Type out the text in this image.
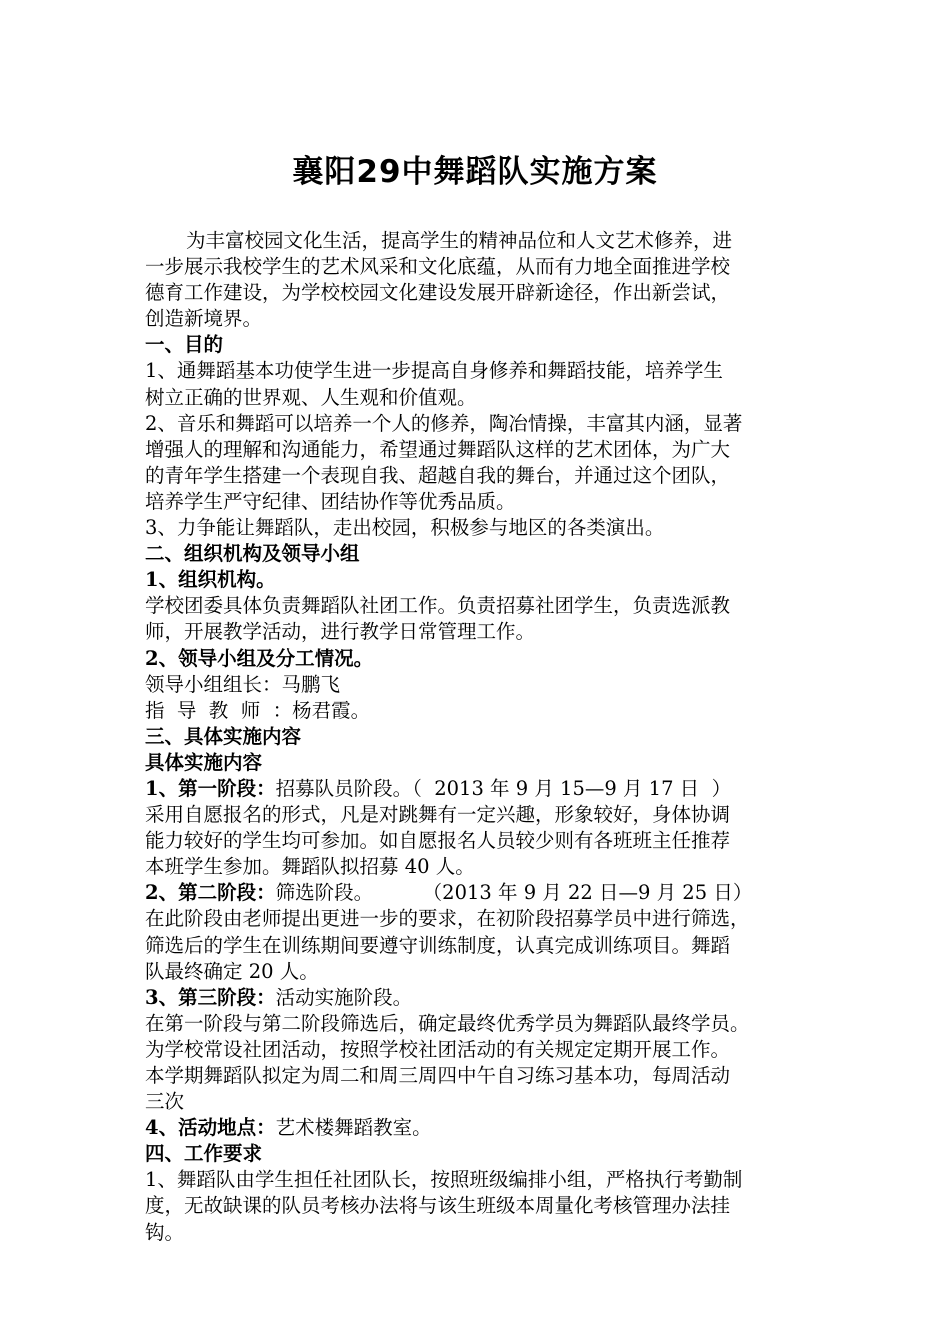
襄阳29中舞蹈队实施方案

为丰富校园文化生活，提高学生的精神品位和人文艺术修养，进

一步展示我校学生的艺术风采和文化底蕴，从而有力地全面推进学校

德育工作建设，为学校校园文化建设发展开辟新途径，作出新尝试，

创造新境界。

一、目的

1、通舞蹈基本功使学生进一步提高自身修养和舞蹈技能，培养学生

树立正确的世界观、人生观和价值观。

2、音乐和舞蹈可以培养一个人的修养，陶冶情操，丰富其内涵，显著

增强人的理解和沟通能力，希望通过舞蹈队这样的艺术团体，为广大

的青年学生搭建一个表现自我、超越自我的舞台，并通过这个团队，

培养学生严守纪律、团结协作等优秀品质。

3、力争能让舞蹈队，走出校园，积极参与地区的各类演出。

二、组织机构及领导小组

1、组织机构。

学校团委具体负责舞蹈队社团工作。负责招募社团学生，负责选派教

师，开展教学活动，进行教学日常管理工作。

2、领导小组及分工情况。

领导小组组长：马鹏飞

指  导  教  师  ：杨君霞。

三、具体实施内容

具体实施内容

1、第一阶段：招募队员阶段。（  2013 年 9 月 15—9 月 17 日  ）

采用自愿报名的形式，凡是对跳舞有一定兴趣，形象较好，身体协调

能力较好的学生均可参加。如自愿报名人员较少则有各班班主任推荐

本班学生参加。舞蹈队拟招募 40 人。

2、第二阶段：筛选阶段。        （2013 年 9 月 22 日—9 月 25 日）

在此阶段由老师提出更进一步的要求，在初阶段招募学员中进行筛选，

筛选后的学生在训练期间要遵守训练制度，认真完成训练项目。舞蹈

队最终确定 20 人。

3、第三阶段：活动实施阶段。

在第一阶段与第二阶段筛选后，确定最终优秀学员为舞蹈队最终学员。

为学校常设社团活动，按照学校社团活动的有关规定定期开展工作。

本学期舞蹈队拟定为周二和周三周四中午自习练习基本功，每周活动

三次

4、活动地点：艺术楼舞蹈教室。

四、工作要求

1、舞蹈队由学生担任社团队长，按照班级编排小组，严格执行考勤制

度，无故缺课的队员考核办法将与该生班级本周量化考核管理办法挂

钩。
